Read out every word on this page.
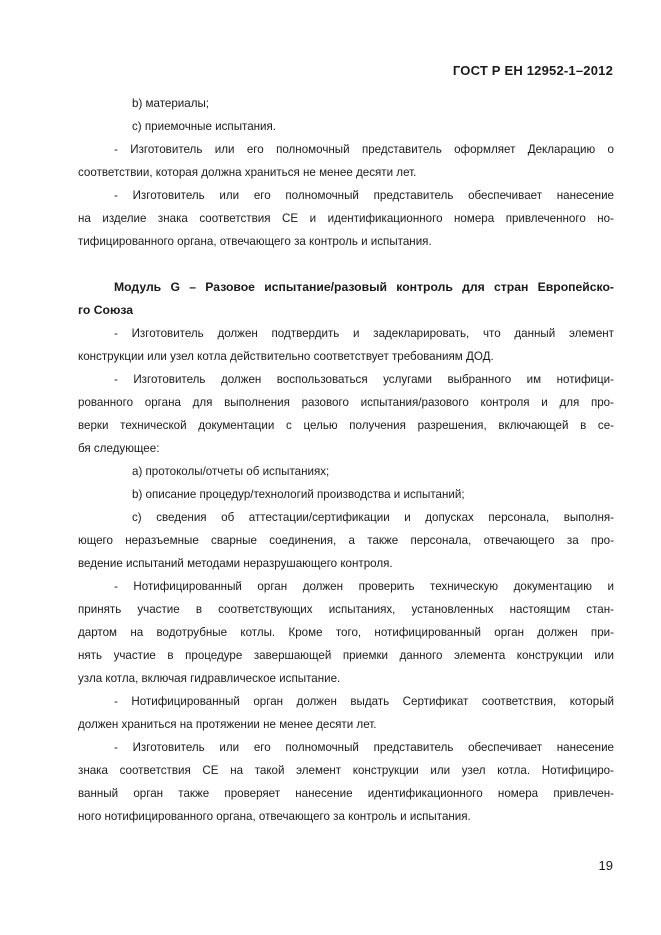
ГОСТ Р ЕН 12952-1–2012
b) материалы;
c) приемочные испытания.
- Изготовитель или его полномочный представитель оформляет Декларацию о
соответствии, которая должна храниться не менее десяти лет.
- Изготовитель или его полномочный представитель обеспечивает нанесение
на изделие знака соответствия CE и идентификационного номера привлеченного но-
тифицированного органа, отвечающего за контроль и испытания.
Модуль G – Разовое испытание/разовый контроль для стран Европейско-
го Союза
- Изготовитель должен подтвердить и задекларировать, что данный элемент
конструкции или узел котла действительно соответствует требованиям ДОД.
- Изготовитель должен воспользоваться услугами выбранного им нотифици-
рованного органа для выполнения разового испытания/разового контроля и для про-
верки технической документации с целью получения разрешения, включающей в се-
бя следующее:
a) протоколы/отчеты об испытаниях;
b) описание процедур/технологий производства и испытаний;
c) сведения об аттестации/сертификации и допусках персонала, выполня-
ющего неразъемные сварные соединения, а также персонала, отвечающего за про-
ведение испытаний методами неразрушающего контроля.
- Нотифицированный орган должен проверить техническую документацию и
принять участие в соответствующих испытаниях, установленных настоящим стан-
дартом на водотрубные котлы. Кроме того, нотифицированный орган должен при-
нять участие в процедуре завершающей приемки данного элемента конструкции или
узла котла, включая гидравлическое испытание.
- Нотифицированный орган должен выдать Сертификат соответствия, который
должен храниться на протяжении не менее десяти лет.
- Изготовитель или его полномочный представитель обеспечивает нанесение
знака соответствия CE на такой элемент конструкции или узел котла. Нотифициро-
ванный орган также проверяет нанесение идентификационного номера привлечен-
ного нотифицированного органа, отвечающего за контроль и испытания.
19
